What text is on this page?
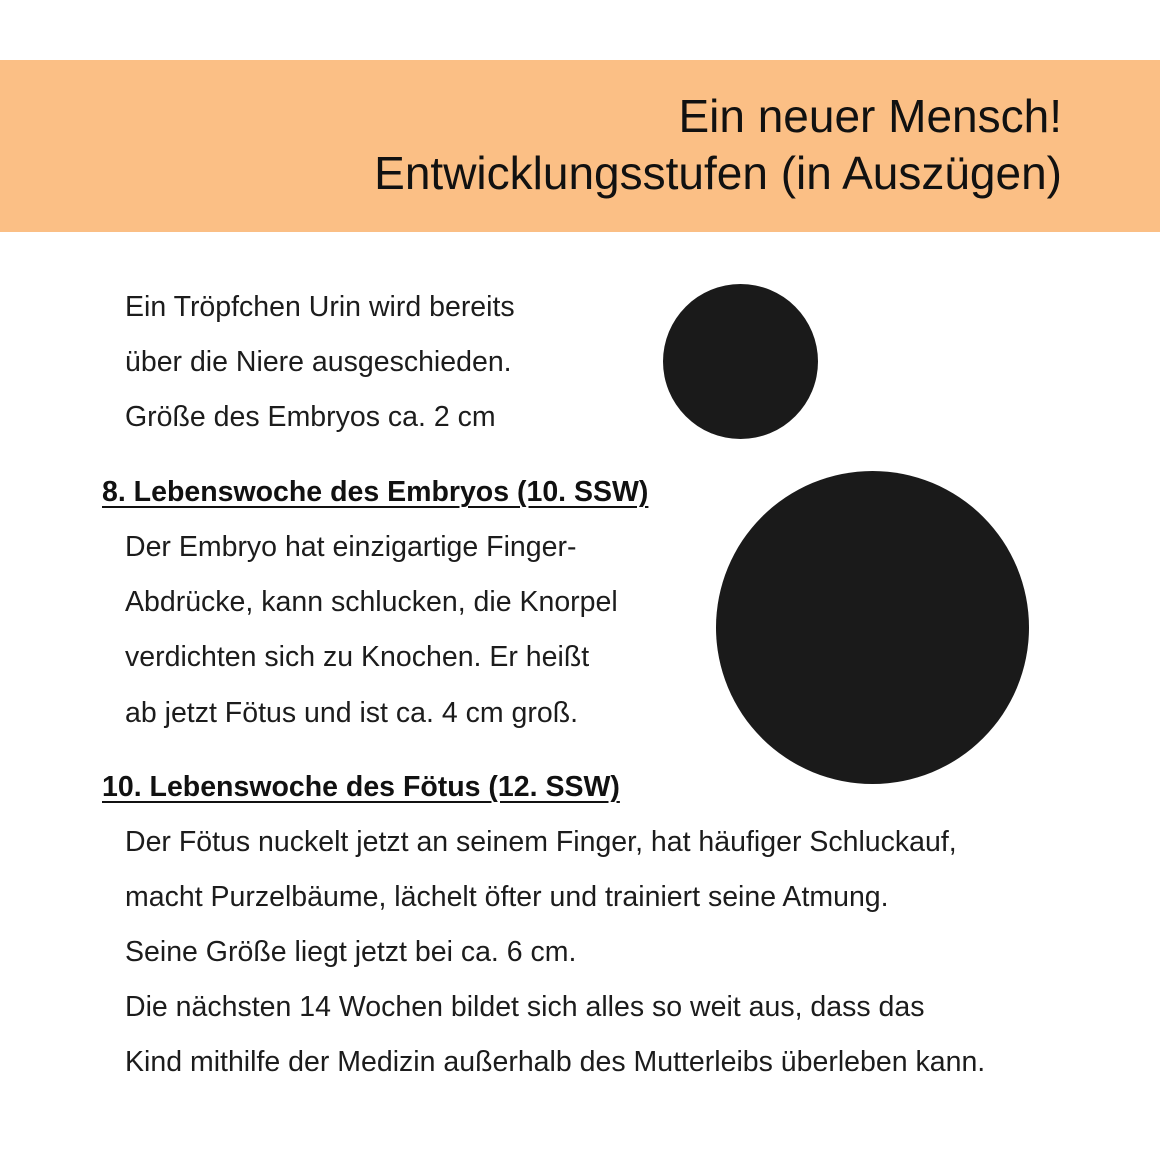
Ein neuer Mensch!
Entwicklungsstufen (in Auszügen)
Ein Tröpfchen Urin wird bereits
über die Niere ausgeschieden.
Größe des Embryos ca. 2 cm
8. Lebenswoche des Embryos (10. SSW)
Der Embryo hat einzigartige Finger-
Abdrücke, kann schlucken, die Knorpel
verdichten sich zu Knochen. Er heißt
ab jetzt Fötus und ist ca. 4 cm groß.
10. Lebenswoche des Fötus (12. SSW)
Der Fötus nuckelt jetzt an seinem Finger, hat häufiger Schluckauf,
macht Purzelbäume, lächelt öfter und trainiert seine Atmung.
Seine Größe liegt jetzt bei ca. 6 cm.
Die nächsten 14 Wochen bildet sich alles so weit aus, dass das
Kind mithilfe der Medizin außerhalb des Mutterleibs überleben kann.
